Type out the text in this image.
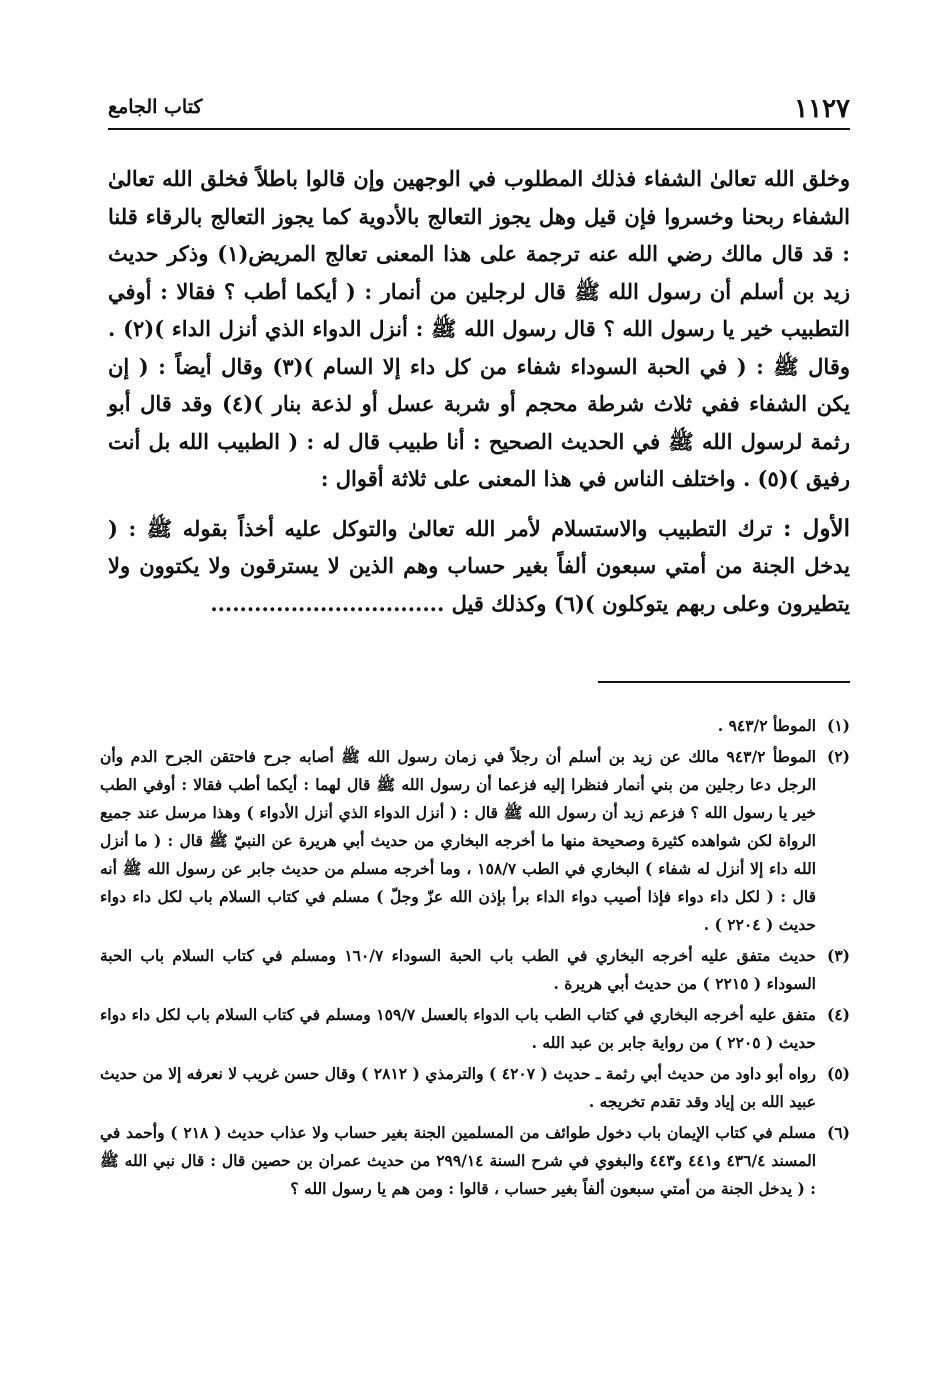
١١٢٧
كتاب الجامع

وخلق الله تعالىٰ الشفاء فذلك المطلوب في الوجهين وإن قالوا باطلاً فخلق الله تعالىٰ الشفاء ربحنا وخسروا فإن قيل وهل يجوز التعالج بالأدوية كما يجوز التعالج بالرقاء قلنا : قد قال مالك رضي الله عنه ترجمة على هذا المعنى تعالج المريض(١) وذكر حديث زيد بن أسلم أن رسول الله ﷺ قال لرجلين من أنمار : ( أيكما أطب ؟ فقالا : أوفي التطبيب خير يا رسول الله ؟ قال رسول الله ﷺ : أنزل الدواء الذي أنزل الداء )(٢) . وقال ﷺ : ( في الحبة السوداء شفاء من كل داء إلا السام )(٣) وقال أيضاً : ( إن يكن الشفاء ففي ثلاث شرطة محجم أو شربة عسل أو لذعة بنار )(٤) وقد قال أبو رثمة لرسول الله ﷺ في الحديث الصحيح : أنا طبيب قال له : ( الطبيب الله بل أنت رفيق )(٥) . واختلف الناس في هذا المعنى على ثلاثة أقوال :

الأول : ترك التطبيب والاستسلام لأمر الله تعالىٰ والتوكل عليه أخذاً بقوله ﷺ : ( يدخل الجنة من أمتي سبعون ألفاً بغير حساب وهم الذين لا يسترقون ولا يكتوون ولا يتطيرون وعلى ربهم يتوكلون )(٦) وكذلك قيل ................................

(١)
الموطأ ٩٤٣/٢ .
(٢)
الموطأ ٩٤٣/٢ مالك عن زيد بن أسلم أن رجلاً في زمان رسول الله ﷺ أصابه جرح فاحتقن الجرح الدم وأن الرجل دعا رجلين من بني أنمار فنظرا إليه فزعما أن رسول الله ﷺ قال لهما : أيكما أطب فقالا : أوفي الطب خير يا رسول الله ؟ فزعم زيد أن رسول الله ﷺ قال : ( أنزل الدواء الذي أنزل الأدواء ) وهذا مرسل عند جميع الرواة لكن شواهده كثيرة وصحيحة منها ما أخرجه البخاري من حديث أبي هريرة عن النبيّ ﷺ قال : ( ما أنزل الله داء إلا أنزل له شفاء ) البخاري في الطب ١٥٨/٧ ، وما أخرجه مسلم من حديث جابر عن رسول الله ﷺ أنه قال : ( لكل داء دواء فإذا أصيب دواء الداء برأ بإذن الله عزّ وجلّ ) مسلم في كتاب السلام باب لكل داء دواء حديث ( ٢٢٠٤ ) .
(٣)
حديث متفق عليه أخرجه البخاري في الطب باب الحبة السوداء ١٦٠/٧ ومسلم في كتاب السلام باب الحبة السوداء ( ٢٢١٥ ) من حديث أبي هريرة .
(٤)
متفق عليه أخرجه البخاري في كتاب الطب باب الدواء بالعسل ١٥٩/٧ ومسلم في كتاب السلام باب لكل داء دواء حديث ( ٢٢٠٥ ) من رواية جابر بن عبد الله .
(٥)
رواه أبو داود من حديث أبي رثمة ـ حديث ( ٤٢٠٧ ) والترمذي ( ٢٨١٢ ) وقال حسن غريب لا نعرفه إلا من حديث عبيد الله بن إياد وقد تقدم تخريجه .
(٦)
مسلم في كتاب الإيمان باب دخول طوائف من المسلمين الجنة بغير حساب ولا عذاب حديث ( ٢١٨ ) وأحمد في المسند ٤٣٦/٤ و٤٤١ و٤٤٣ والبغوي في شرح السنة ٢٩٩/١٤ من حديث عمران بن حصين قال : قال نبي الله ﷺ : ( يدخل الجنة من أمتي سبعون ألفاً بغير حساب ، قالوا : ومن هم يا رسول الله ؟
